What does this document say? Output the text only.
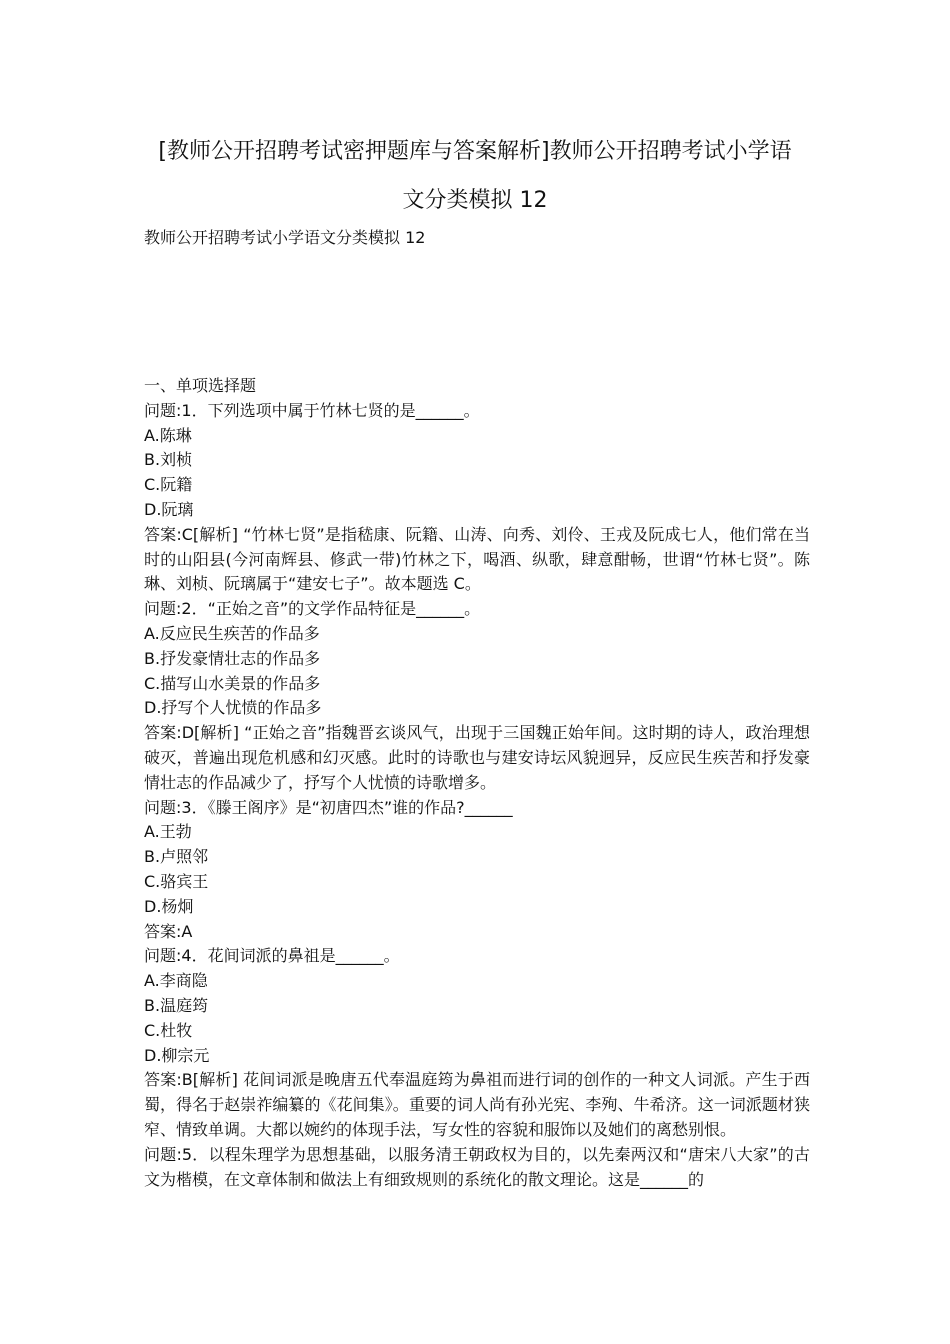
[教师公开招聘考试密押题库与答案解析]教师公开招聘考试小学语
文分类模拟 12
教师公开招聘考试小学语文分类模拟 12

一、单项选择题

问题:1．下列选项中属于竹林七贤的是______。

A.陈琳

B.刘桢

C.阮籍

D.阮璃

答案:C[解析] “竹林七贤”是指嵇康、阮籍、山涛、向秀、刘伶、王戎及阮成七人，他们常在当时的山阳县(今河南辉县、修武一带)竹林之下，喝酒、纵歌，肆意酣畅，世谓“竹林七贤”。陈琳、刘桢、阮璃属于“建安七子”。故本题选 C。

问题:2．“正始之音”的文学作品特征是______。

A.反应民生疾苦的作品多

B.抒发豪情壮志的作品多

C.描写山水美景的作品多

D.抒写个人忧愤的作品多

答案:D[解析] “正始之音”指魏晋玄谈风气，出现于三国魏正始年间。这时期的诗人，政治理想破灭，普遍出现危机感和幻灭感。此时的诗歌也与建安诗坛风貌迥异，反应民生疾苦和抒发豪情壮志的作品减少了，抒写个人忧愤的诗歌增多。

问题:3．《滕王阁序》是“初唐四杰”谁的作品?______

A.王勃

B.卢照邻

C.骆宾王

D.杨炯

答案:A

问题:4．花间词派的鼻祖是______。

A.李商隐

B.温庭筠

C.杜牧

D.柳宗元

答案:B[解析] 花间词派是晚唐五代奉温庭筠为鼻祖而进行词的创作的一种文人词派。产生于西蜀，得名于赵崇祚编纂的《花间集》。重要的词人尚有孙光宪、李殉、牛希济。这一词派题材狭窄、情致单调。大都以婉约的体现手法，写女性的容貌和服饰以及她们的离愁别恨。

问题:5．以程朱理学为思想基础，以服务清王朝政权为目的，以先秦两汉和“唐宋八大家”的古文为楷模，在文章体制和做法上有细致规则的系统化的散文理论。这是______的
